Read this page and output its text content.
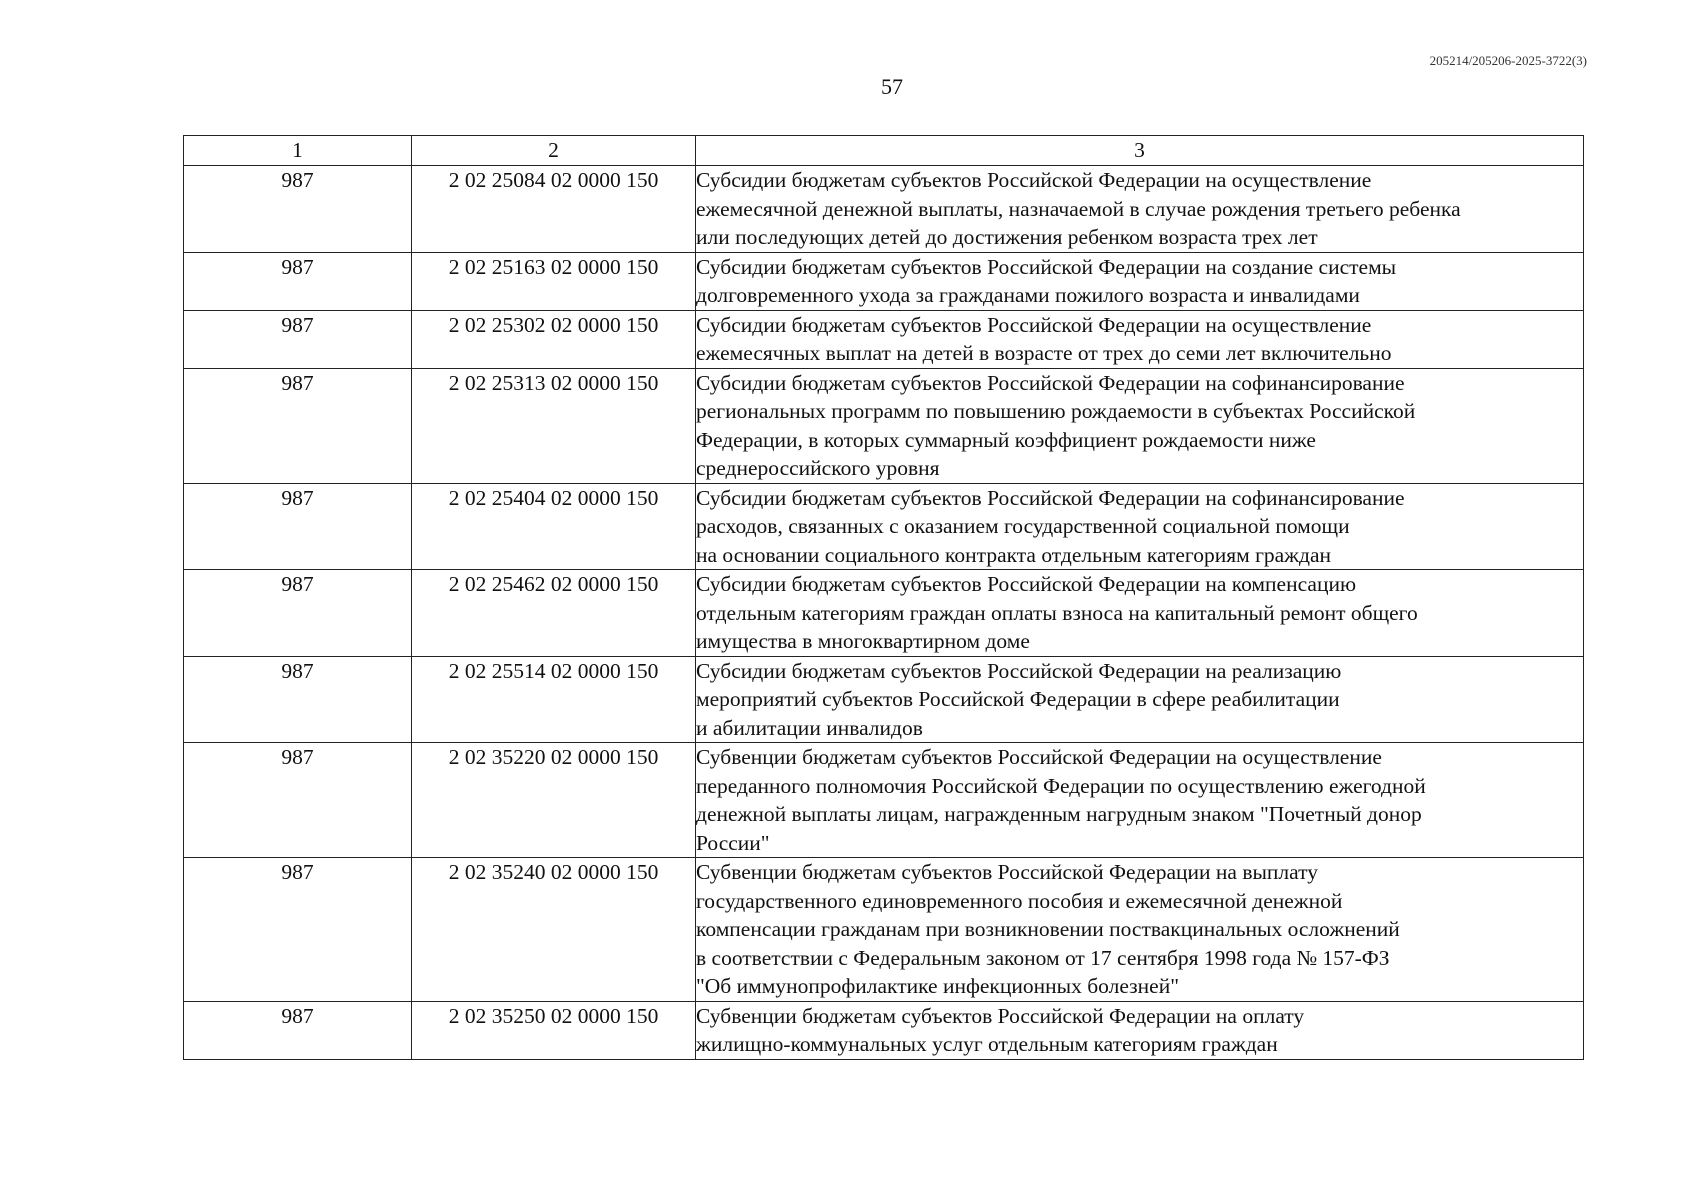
205214/205206-2025-3722(3)
57
1	2	3
987	2 02 25084 02 0000 150	Субсидии бюджетам субъектов Российской Федерации на осуществление
ежемесячной денежной выплаты, назначаемой в случае рождения третьего ребенка
или последующих детей до достижения ребенком возраста трех лет

987	2 02 25163 02 0000 150	Субсидии бюджетам субъектов Российской Федерации на создание системы
долговременного ухода за гражданами пожилого возраста и инвалидами

987	2 02 25302 02 0000 150	Субсидии бюджетам субъектов Российской Федерации на осуществление
ежемесячных выплат на детей в возрасте от трех до семи лет включительно

987	2 02 25313 02 0000 150	Субсидии бюджетам субъектов Российской Федерации на софинансирование
региональных программ по повышению рождаемости в субъектах Российской
Федерации, в которых суммарный коэффициент рождаемости ниже
среднероссийского уровня

987	2 02 25404 02 0000 150	Субсидии бюджетам субъектов Российской Федерации на софинансирование
расходов, связанных с оказанием государственной социальной помощи
на основании социального контракта отдельным категориям граждан

987	2 02 25462 02 0000 150	Субсидии бюджетам субъектов Российской Федерации на компенсацию
отдельным категориям граждан оплаты взноса на капитальный ремонт общего
имущества в многоквартирном доме

987	2 02 25514 02 0000 150	Субсидии бюджетам субъектов Российской Федерации на реализацию
мероприятий субъектов Российской Федерации в сфере реабилитации
и абилитации инвалидов

987	2 02 35220 02 0000 150	Субвенции бюджетам субъектов Российской Федерации на осуществление
переданного полномочия Российской Федерации по осуществлению ежегодной
денежной выплаты лицам, награжденным нагрудным знаком "Почетный донор
России"

987	2 02 35240 02 0000 150	Субвенции бюджетам субъектов Российской Федерации на выплату
государственного единовременного пособия и ежемесячной денежной
компенсации гражданам при возникновении поствакцинальных осложнений
в соответствии с Федеральным законом от 17 сентября 1998 года № 157-ФЗ
"Об иммунопрофилактике инфекционных болезней"

987	2 02 35250 02 0000 150	Субвенции бюджетам субъектов Российской Федерации на оплату
жилищно-коммунальных услуг отдельным категориям граждан
